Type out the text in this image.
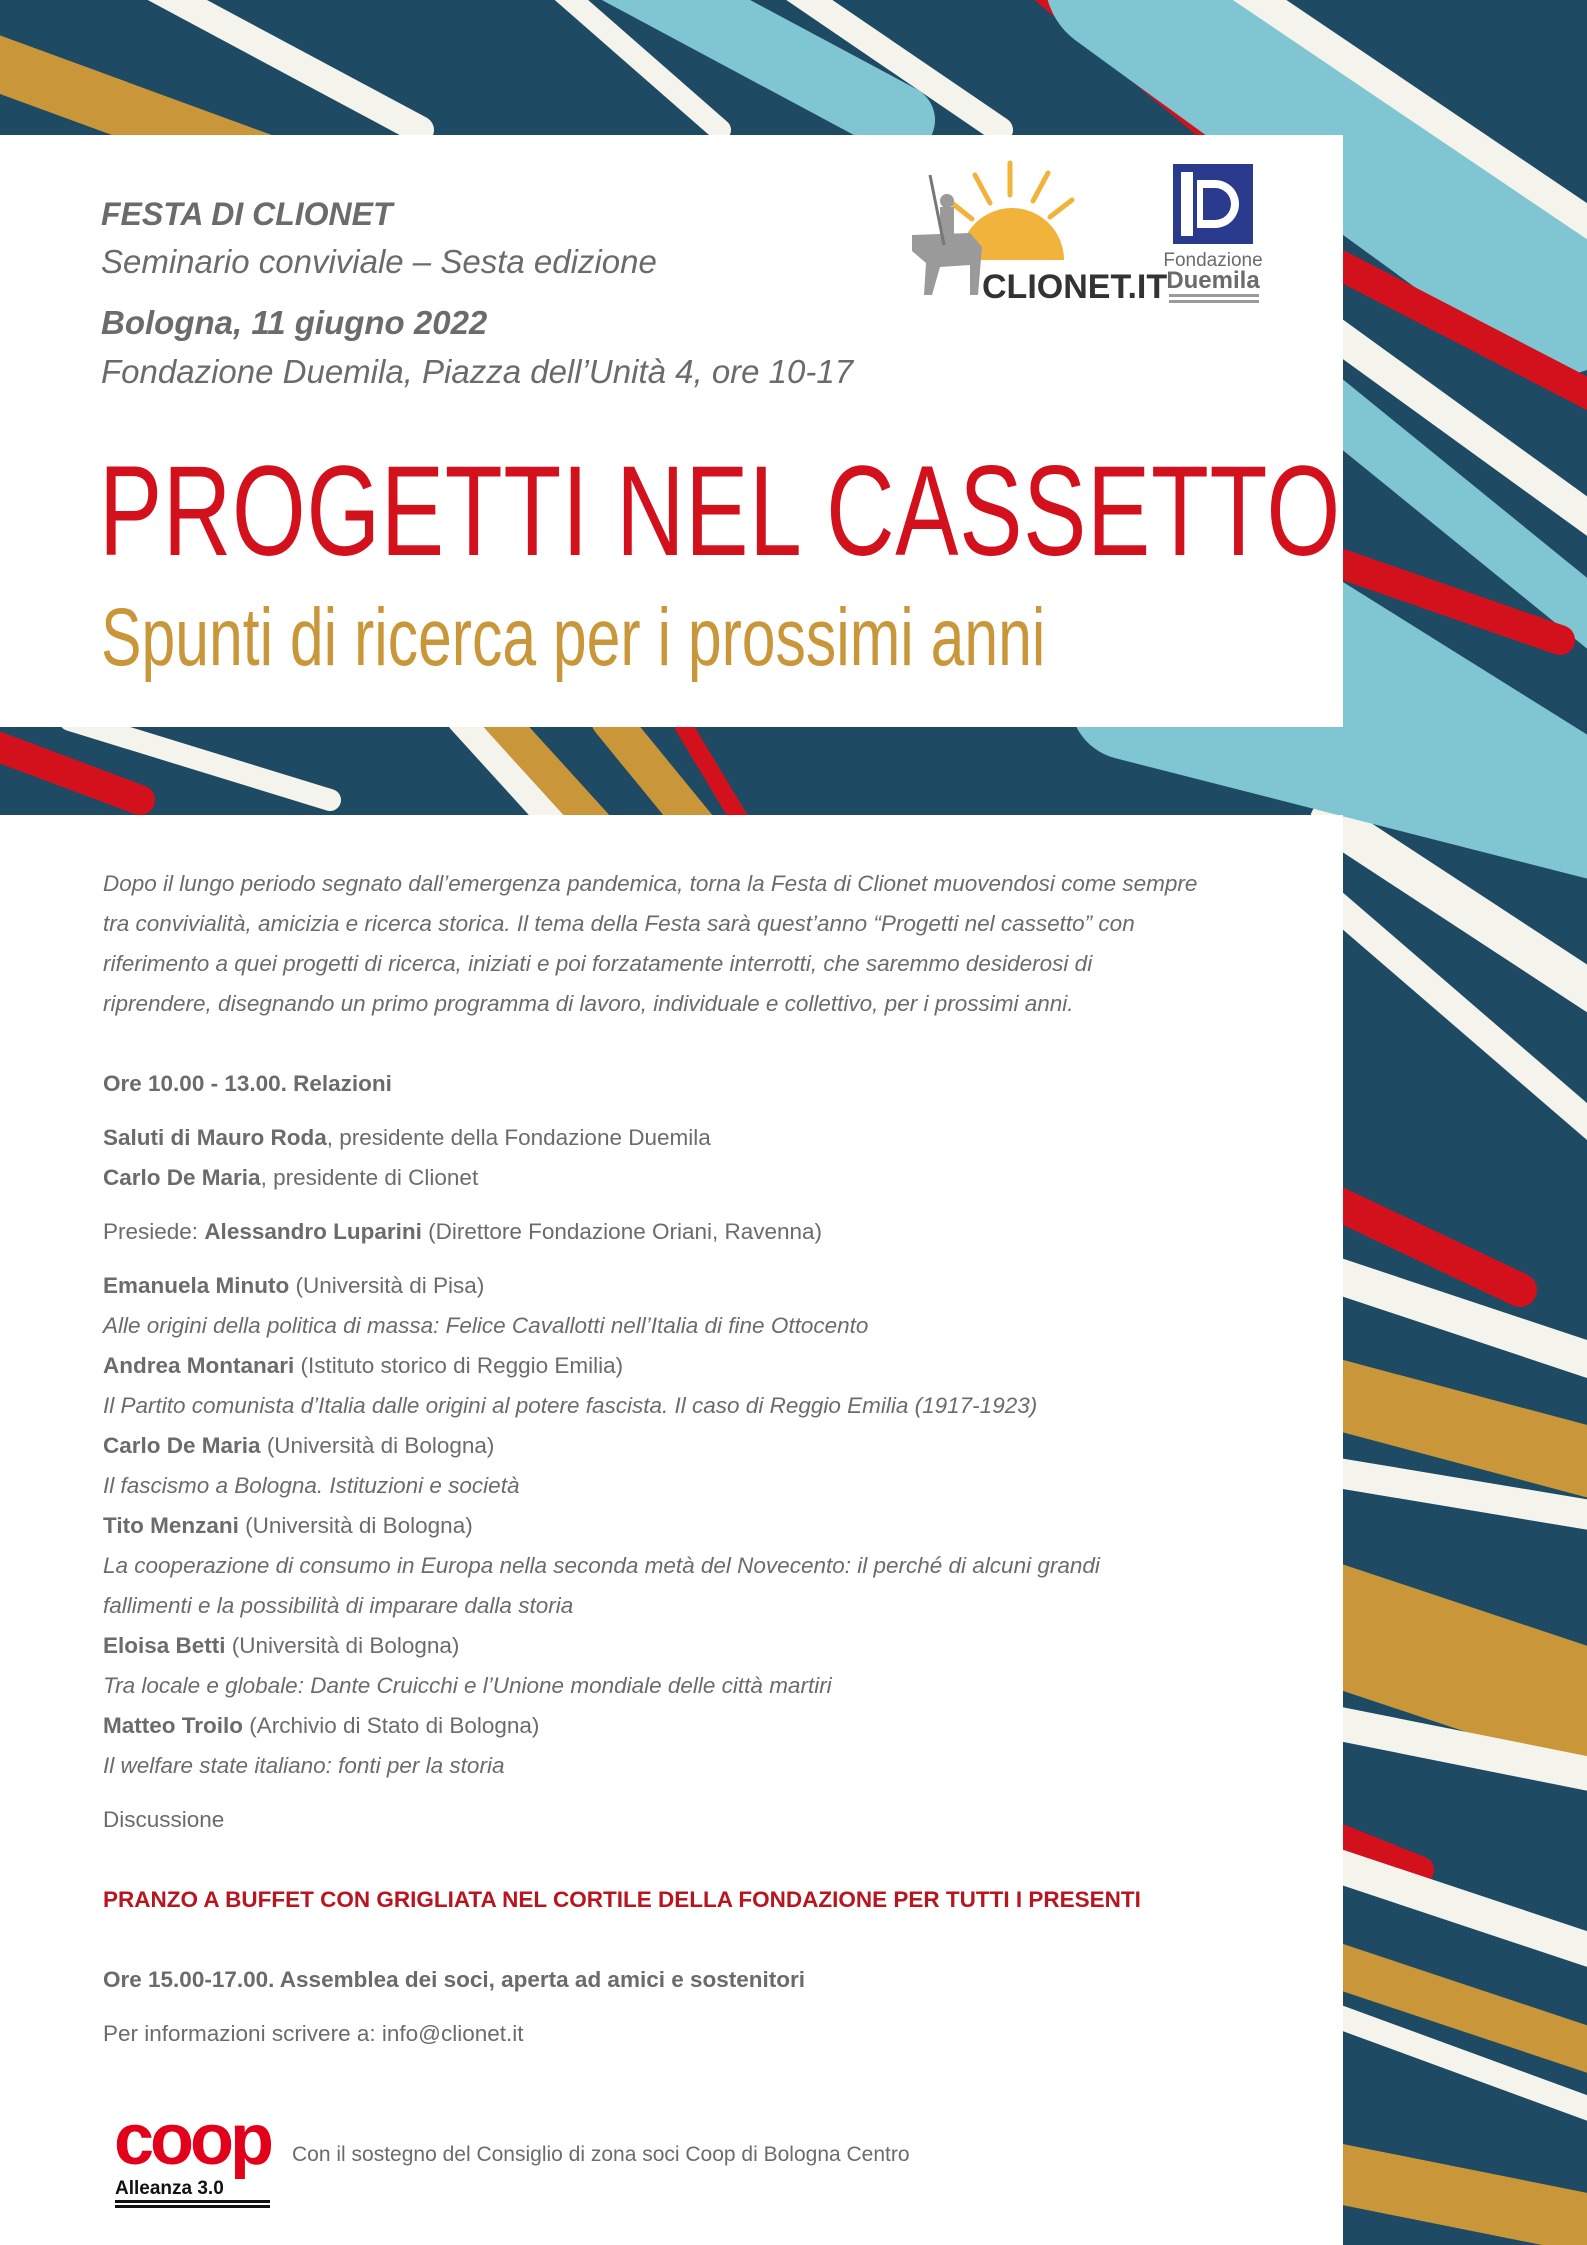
FESTA DI CLIONET
Seminario conviviale – Sesta edizione
Bologna, 11 giugno 2022
Fondazione Duemila, Piazza dell’Unità 4, ore 10-17
PROGETTI NEL CASSETTO
Spunti di ricerca per i prossimi anni
CLIONET.IT
Fondazione
Duemila
Dopo il lungo periodo segnato dall’emergenza pandemica, torna la Festa di Clionet muovendosi come sempre
tra convivialità, amicizia e ricerca storica. Il tema della Festa sarà quest’anno “Progetti nel cassetto” con
riferimento a quei progetti di ricerca, iniziati e poi forzatamente interrotti, che saremmo desiderosi di
riprendere, disegnando un primo programma di lavoro, individuale e collettivo, per i prossimi anni.
Ore 10.00 - 13.00. Relazioni
Saluti di Mauro Roda, presidente della Fondazione Duemila
Carlo De Maria, presidente di Clionet
Presiede: Alessandro Luparini (Direttore Fondazione Oriani, Ravenna)
Emanuela Minuto (Università di Pisa)
Alle origini della politica di massa: Felice Cavallotti nell’Italia di fine Ottocento
Andrea Montanari (Istituto storico di Reggio Emilia)
Il Partito comunista d’Italia dalle origini al potere fascista. Il caso di Reggio Emilia (1917-1923)
Carlo De Maria (Università di Bologna)
Il fascismo a Bologna. Istituzioni e società
Tito Menzani (Università di Bologna)
La cooperazione di consumo in Europa nella seconda metà del Novecento: il perché di alcuni grandi
fallimenti e la possibilità di imparare dalla storia
Eloisa Betti (Università di Bologna)
Tra locale e globale: Dante Cruicchi e l’Unione mondiale delle città martiri
Matteo Troilo (Archivio di Stato di Bologna)
Il welfare state italiano: fonti per la storia
Discussione
PRANZO A BUFFET CON GRIGLIATA NEL CORTILE DELLA FONDAZIONE PER TUTTI I PRESENTI
Ore 15.00-17.00. Assemblea dei soci, aperta ad amici e sostenitori
Per informazioni scrivere a: info@clionet.it
coop
Alleanza 3.0
Con il sostegno del Consiglio di zona soci Coop di Bologna Centro
